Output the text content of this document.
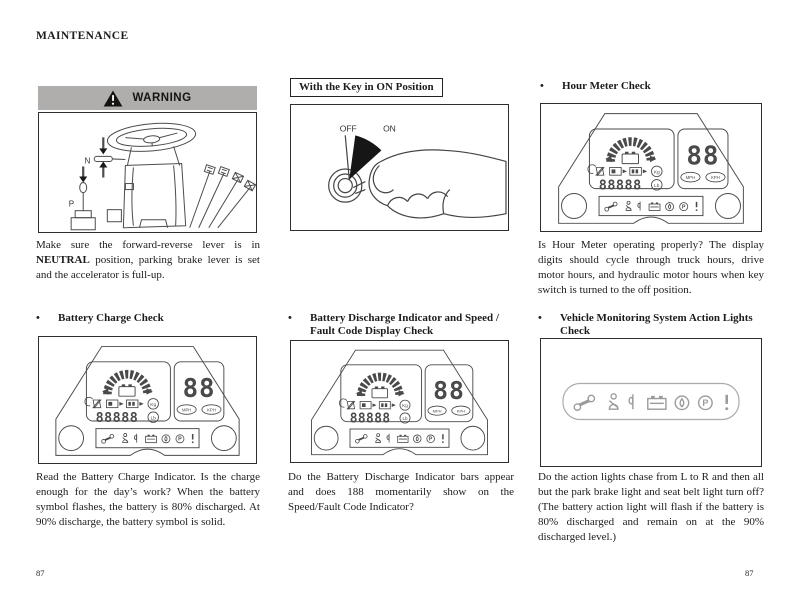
MAINTENANCE
WARNING
N
P

Make sure the forward-reverse lever is in NEUTRAL position, parking brake lever is set and the accelerator is full-up.

With the Key in ON Position
OFF	ON
•	Hour Meter Check

Is Hour Meter operating properly? The display digits should cycle through truck hours, drive motor hours, and hydraulic motor hours when key switch is turned to the off position.

•	Battery Charge Check

Read the Battery Charge Indicator. Is the charge enough for the day’s work? When the battery symbol flashes, the battery is 80% discharged. At 90% discharge, the battery symbol is solid.

•	Battery Discharge Indicator and Speed / Fault Code Display Check

Do the Battery Discharge Indicator bars appear and does 188 momentarily show on the Speed/Fault Code Indicator?

•	Vehicle Monitoring System Action Lights Check

Do the action lights chase from L to R and then all but the park brake light and seat belt light turn off? (The battery action light will flash if the battery is 80% discharged and remain on at the 90% discharged level.)

87	87
